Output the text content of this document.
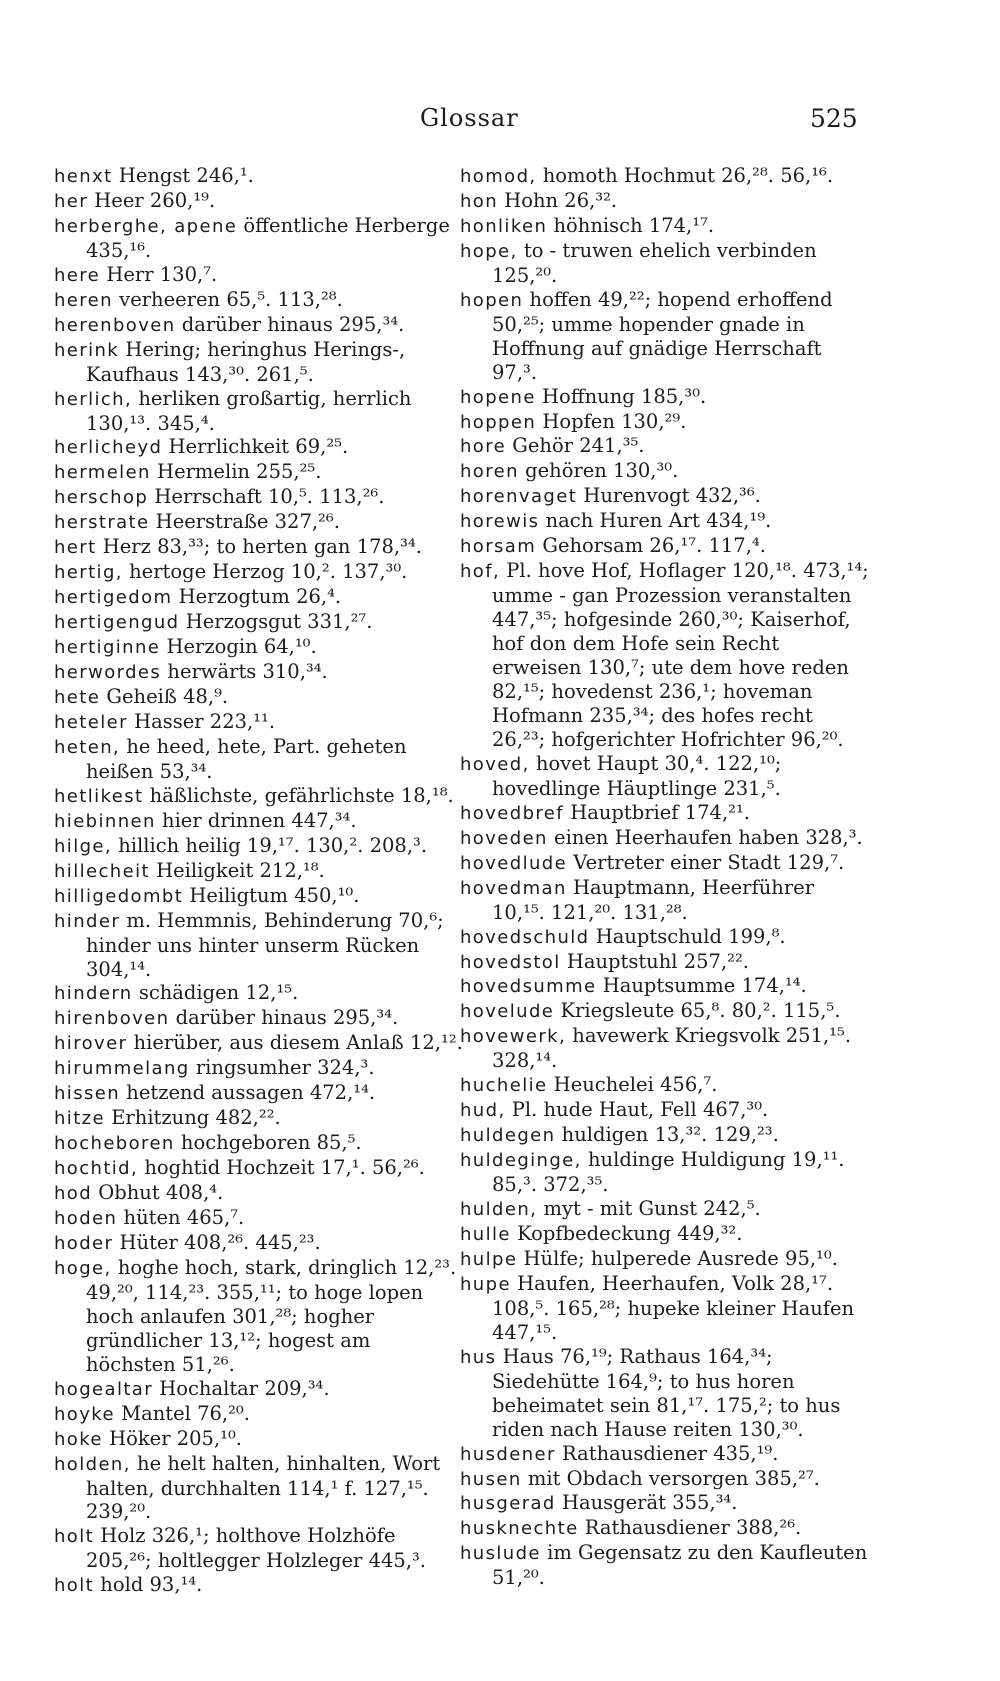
Glossar	525

henxt Hengst 246,¹.

her Heer 260,¹⁹.

herberghe, apene öffentliche Herberge 435,¹⁶.

here Herr 130,⁷.

heren verheeren 65,⁵. 113,²⁸.

herenboven darüber hinaus 295,³⁴.

herink Hering; heringhus Herings-, Kaufhaus 143,³⁰. 261,⁵.

herlich, herliken großartig, herrlich 130,¹³. 345,⁴.

herlicheyd Herrlichkeit 69,²⁵.

hermelen Hermelin 255,²⁵.

herschop Herrschaft 10,⁵. 113,²⁶.

herstrate Heerstraße 327,²⁶.

hert Herz 83,³³; to herten gan 178,³⁴.

hertig, hertoge Herzog 10,². 137,³⁰.

hertigedom Herzogtum 26,⁴.

hertigengud Herzogsgut 331,²⁷.

hertiginne Herzogin 64,¹⁰.

herwordes herwärts 310,³⁴.

hete Geheiß 48,⁹.

heteler Hasser 223,¹¹.

heten, he heed, hete, Part. geheten heißen 53,³⁴.

hetlikest häßlichste, gefährlichste 18,¹⁸.

hiebinnen hier drinnen 447,³⁴.

hilge, hillich heilig 19,¹⁷. 130,². 208,³.

hillecheit Heiligkeit 212,¹⁸.

hilligedombt Heiligtum 450,¹⁰.

hinder m. Hemmnis, Behinderung 70,⁶; hinder uns hinter unserm Rücken 304,¹⁴.

hindern schädigen 12,¹⁵.

hirenboven darüber hinaus 295,³⁴.

hirover hierüber, aus diesem Anlaß 12,¹².

hirummelang ringsumher 324,³.

hissen hetzend aussagen 472,¹⁴.

hitze Erhitzung 482,²².

hocheboren hochgeboren 85,⁵.

hochtid, hoghtid Hochzeit 17,¹. 56,²⁶.

hod Obhut 408,⁴.

hoden hüten 465,⁷.

hoder Hüter 408,²⁶. 445,²³.

hoge, hoghe hoch, stark, dringlich 12,²³. 49,²⁰, 114,²³. 355,¹¹; to hoge lopen hoch anlaufen 301,²⁸; hogher gründlicher 13,¹²; hogest am höchsten 51,²⁶.

hogealtar Hochaltar 209,³⁴.

hoyke Mantel 76,²⁰.

hoke Höker 205,¹⁰.

holden, he helt halten, hinhalten, Wort halten, durchhalten 114,¹ f. 127,¹⁵. 239,²⁰.

holt Holz 326,¹; holthove Holzhöfe 205,²⁶; holtlegger Holzleger 445,³.

holt hold 93,¹⁴.

homod, homoth Hochmut 26,²⁸. 56,¹⁶.

hon Hohn 26,³².

honliken höhnisch 174,¹⁷.

hope, to - truwen ehelich verbinden 125,²⁰.

hopen hoffen 49,²²; hopend erhoffend 50,²⁵; umme hopender gnade in Hoffnung auf gnädige Herrschaft 97,³.

hopene Hoffnung 185,³⁰.

hoppen Hopfen 130,²⁹.

hore Gehör 241,³⁵.

horen gehören 130,³⁰.

horenvaget Hurenvogt 432,³⁶.

horewis nach Huren Art 434,¹⁹.

horsam Gehorsam 26,¹⁷. 117,⁴.

hof, Pl. hove Hof, Hoflager 120,¹⁸. 473,¹⁴; umme - gan Prozession veranstalten 447,³⁵; hofgesinde 260,³⁰; Kaiserhof, hof don dem Hofe sein Recht erweisen 130,⁷; ute dem hove reden 82,¹⁵; hovedenst 236,¹; hoveman Hofmann 235,³⁴; des hofes recht 26,²³; hofgerichter Hofrichter 96,²⁰.

hoved, hovet Haupt 30,⁴. 122,¹⁰; hovedlinge Häuptlinge 231,⁵.

hovedbref Hauptbrief 174,²¹.

hoveden einen Heerhaufen haben 328,³.

hovedlude Vertreter einer Stadt 129,⁷.

hovedman Hauptmann, Heerführer 10,¹⁵. 121,²⁰. 131,²⁸.

hovedschuld Hauptschuld 199,⁸.

hovedstol Hauptstuhl 257,²².

hovedsumme Hauptsumme 174,¹⁴.

hovelude Kriegsleute 65,⁸. 80,². 115,⁵.

hovewerk, havewerk Kriegsvolk 251,¹⁵. 328,¹⁴.

huchelie Heuchelei 456,⁷.

hud, Pl. hude Haut, Fell 467,³⁰.

huldegen huldigen 13,³². 129,²³.

huldeginge, huldinge Huldigung 19,¹¹. 85,³. 372,³⁵.

hulden, myt - mit Gunst 242,⁵.

hulle Kopfbedeckung 449,³².

hulpe Hülfe; hulperede Ausrede 95,¹⁰.

hupe Haufen, Heerhaufen, Volk 28,¹⁷. 108,⁵. 165,²⁸; hupeke kleiner Haufen 447,¹⁵.

hus Haus 76,¹⁹; Rathaus 164,³⁴; Siedehütte 164,⁹; to hus horen beheimatet sein 81,¹⁷. 175,²; to hus riden nach Hause reiten 130,³⁰.

husdener Rathausdiener 435,¹⁹.

husen mit Obdach versorgen 385,²⁷.

husgerad Hausgerät 355,³⁴.

husknechte Rathausdiener 388,²⁶.

huslude im Gegensatz zu den Kaufleuten 51,²⁰.
